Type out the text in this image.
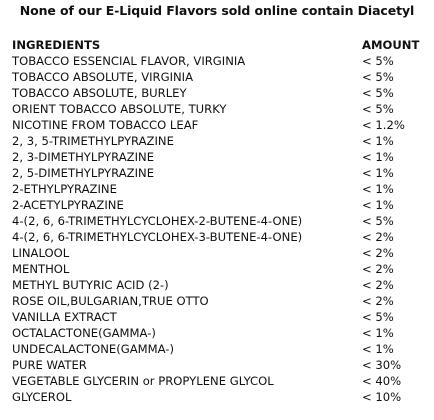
None of our E-Liquid Flavors sold online contain Diacetyl
INGREDIENTS	AMOUNT
TOBACCO ESSENCIAL FLAVOR, VIRGINIA	< 5%
TOBACCO ABSOLUTE, VIRGINIA	< 5%
TOBACCO ABSOLUTE, BURLEY	< 5%
ORIENT TOBACCO ABSOLUTE, TURKY	< 5%
NICOTINE FROM TOBACCO LEAF	< 1.2%
2, 3, 5-TRIMETHYLPYRAZINE	< 1%
2, 3-DIMETHYLPYRAZINE	< 1%
2, 5-DIMETHYLPYRAZINE	< 1%
2-ETHYLPYRAZINE	< 1%
2-ACETYLPYRAZINE	< 1%
4-(2, 6, 6-TRIMETHYLCYCLOHEX-2-BUTENE-4-ONE)	< 5%
4-(2, 6, 6-TRIMETHYLCYCLOHEX-3-BUTENE-4-ONE)	< 2%
LINALOOL	< 2%
MENTHOL	< 2%
METHYL BUTYRIC ACID (2-)	< 2%
ROSE OIL,BULGARIAN,TRUE OTTO	< 2%
VANILLA EXTRACT	< 5%
OCTALACTONE(GAMMA-)	< 1%
UNDECALACTONE(GAMMA-)	< 1%
PURE WATER	< 30%
VEGETABLE GLYCERIN or PROPYLENE GLYCOL	< 40%
GLYCEROL	< 10%
